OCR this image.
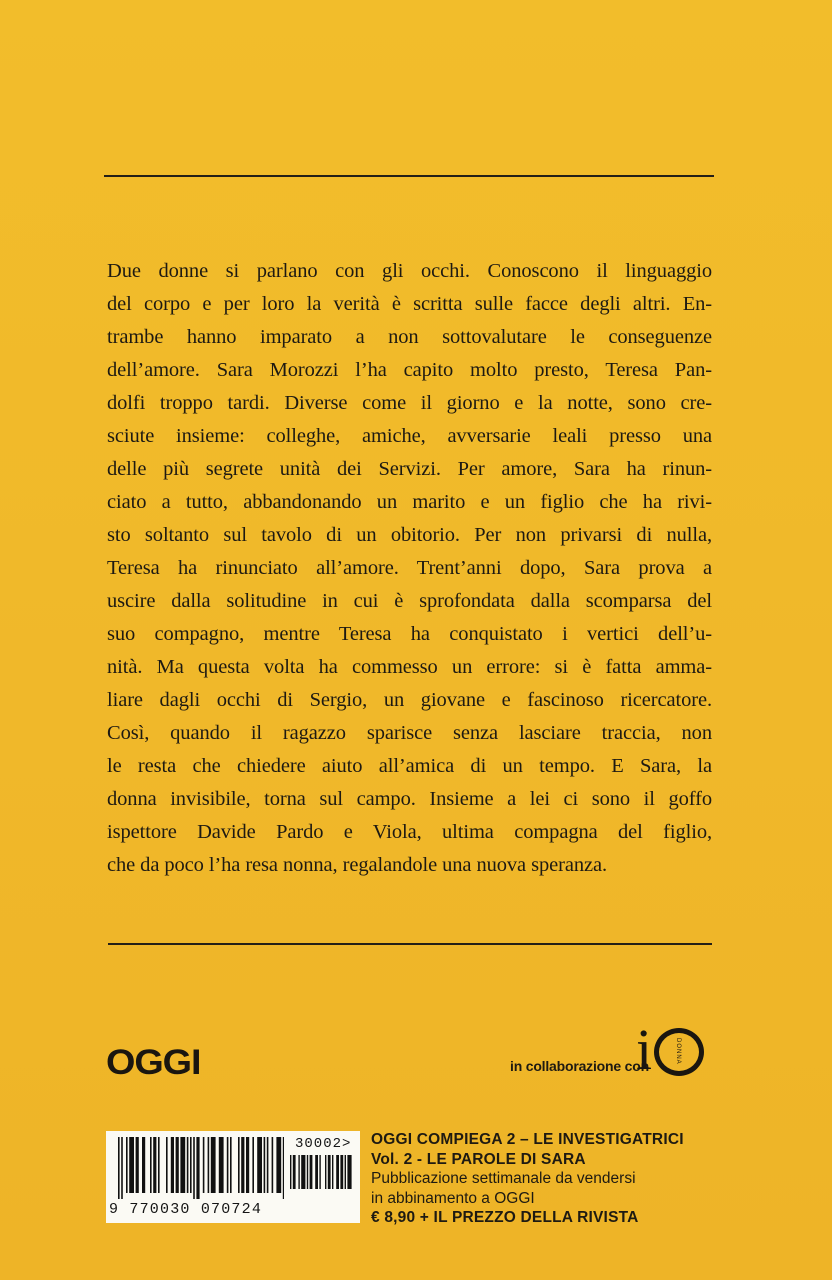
Due donne si parlano con gli occhi. Conoscono il linguaggio
del corpo e per loro la verità è scritta sulle facce degli altri. En-
trambe hanno imparato a non sottovalutare le conseguenze
dell’amore. Sara Morozzi l’ha capito molto presto, Teresa Pan-
dolfi troppo tardi. Diverse come il giorno e la notte, sono cre-
sciute insieme: colleghe, amiche, avversarie leali presso una
delle più segrete unità dei Servizi. Per amore, Sara ha rinun-
ciato a tutto, abbandonando un marito e un figlio che ha rivi-
sto soltanto sul tavolo di un obitorio. Per non privarsi di nulla,
Teresa ha rinunciato all’amore. Trent’anni dopo, Sara prova a
uscire dalla solitudine in cui è sprofondata dalla scomparsa del
suo compagno, mentre Teresa ha conquistato i vertici dell’u-
nità. Ma questa volta ha commesso un errore: si è fatta amma-
liare dagli occhi di Sergio, un giovane e fascinoso ricercatore.
Così, quando il ragazzo sparisce senza lasciare traccia, non
le resta che chiedere aiuto all’amica di un tempo. E Sara, la
donna invisibile, torna sul campo. Insieme a lei ci sono il goffo
ispettore Davide Pardo e Viola, ultima compagna del figlio,
che da poco l’ha resa nonna, regalandole una nuova speranza.
OGGI	in collaborazione con
i	DONNA
9 770030 070724
30002> OGGI COMPIEGA 2 – LE INVESTIGATRICI
Vol. 2 - LE PAROLE DI SARA
Pubblicazione settimanale da vendersi
in abbinamento a OGGI
€ 8,90 + IL PREZZO DELLA RIVISTA
